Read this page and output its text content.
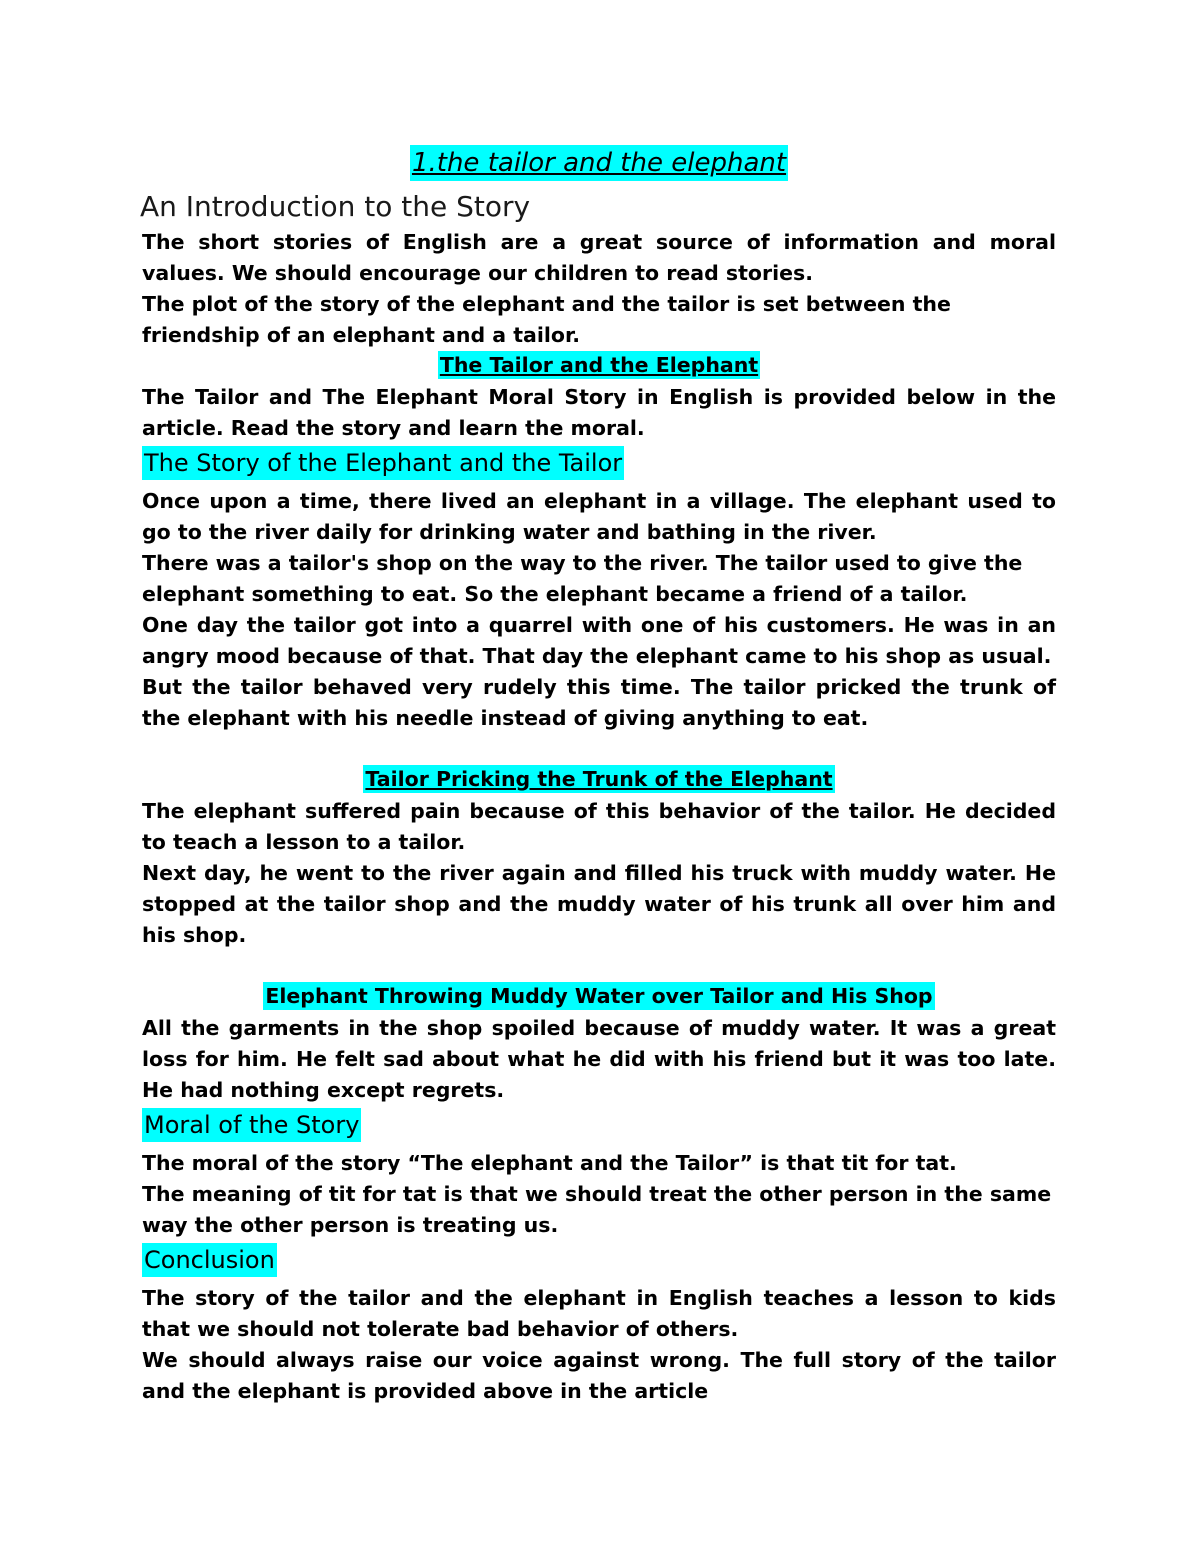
1.the tailor and the elephant
An Introduction to the Story

The short stories of English are a great source of information and moral values. We should encourage our children to read stories.

The plot of the story of the elephant and the tailor is set between the friendship of an elephant and a tailor.

The Tailor and the Elephant

The Tailor and The Elephant Moral Story in English is provided below in the article. Read the story and learn the moral.

The Story of the Elephant and the Tailor

Once upon a time, there lived an elephant in a village. The elephant used to go to the river daily for drinking water and bathing in the river.

There was a tailor's shop on the way to the river. The tailor used to give the elephant something to eat. So the elephant became a friend of a tailor.

One day the tailor got into a quarrel with one of his customers. He was in an angry mood because of that. That day the elephant came to his shop as usual.

But the tailor behaved very rudely this time. The tailor pricked the trunk of the elephant with his needle instead of giving anything to eat.

Tailor Pricking the Trunk of the Elephant

The elephant suffered pain because of this behavior of the tailor. He decided to teach a lesson to a tailor.

Next day, he went to the river again and filled his truck with muddy water. He stopped at the tailor shop and the muddy water of his trunk all over him and his shop.

Elephant Throwing Muddy Water over Tailor and His Shop

All the garments in the shop spoiled because of muddy water. It was a great loss for him. He felt sad about what he did with his friend but it was too late. He had nothing except regrets.

Moral of the Story

The moral of the story “The elephant and the Tailor” is that tit for tat.

The meaning of tit for tat is that we should treat the other person in the same way the other person is treating us.

Conclusion

The story of the tailor and the elephant in English teaches a lesson to kids that we should not tolerate bad behavior of others.

We should always raise our voice against wrong. The full story of the tailor and the elephant is provided above in the article
